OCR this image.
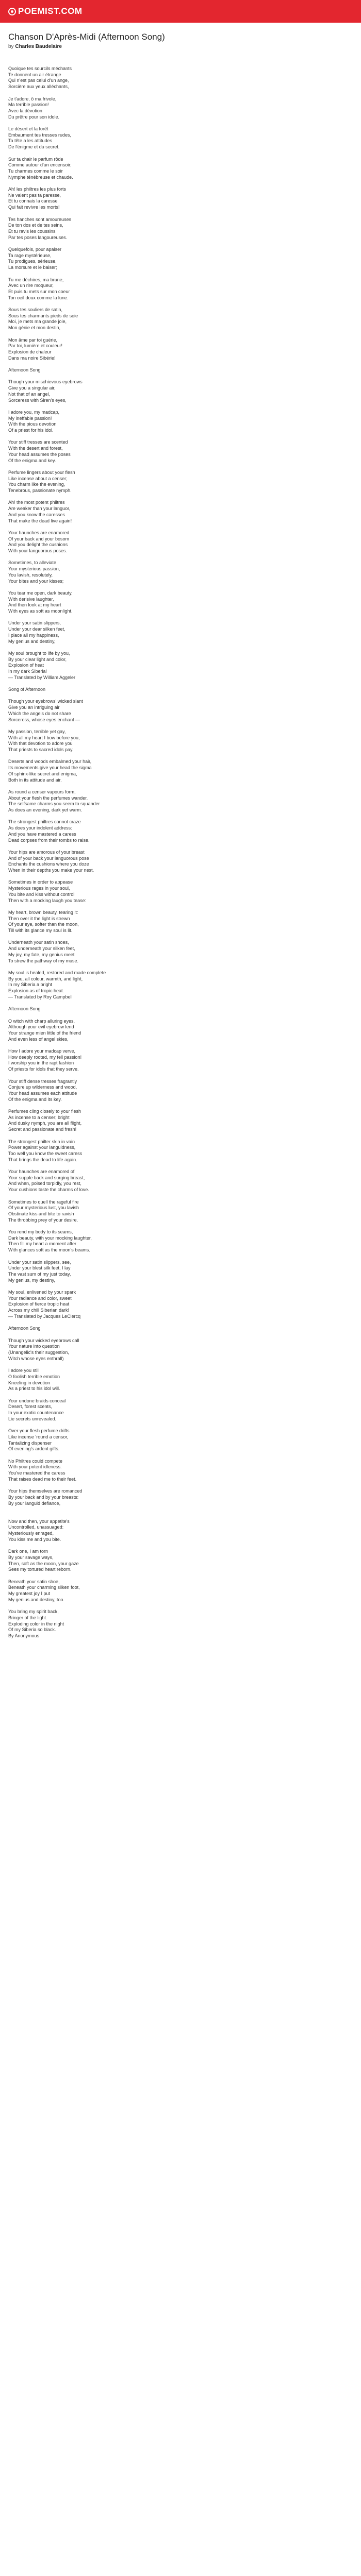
POEMIST.COM
Chanson D'Après-Midi (Afternoon Song)
by Charles Baudelaire
Quoique tes sourcils méchants
Te donnent un air étrange
Qui n'est pas celui d'un ange,
Sorcière aux yeux alléchants,
Je t'adore, ô ma frivole,
Ma terrible passion!
Avec la dévotion
Du prêtre pour son idole.
Le désert et la forêt
Embaument tes tresses rudes,
Ta tête a les attitudes
De l'énigme et du secret.
Sur ta chair le parfum rôde
Comme autour d'un encensoir;
Tu charmes comme le soir
Nymphe ténébreuse et chaude.
Ah! les philtres les plus forts
Ne valent pas ta paresse,
Et tu connais la caresse
Qui fait revivre les morts!
Tes hanches sont amoureuses
De ton dos et de tes seins,
Et tu ravis les coussins
Par tes poses langoureuses.
Quelquefois, pour apaiser
Ta rage mystérieuse,
Tu prodigues, sérieuse,
La morsure et le baiser;
Tu me déchires, ma brune,
Avec un rire moqueur,
Et puis tu mets sur mon coeur
Ton oeil doux comme la lune.
Sous tes souliers de satin,
Sous tes charmants pieds de soie
Moi, je mets ma grande joie,
Mon génie et mon destin,
Mon âme par toi guérie,
Par toi, lumière et couleur!
Explosion de chaleur
Dans ma noire Sibérie!
Afternoon Song
Though your mischievous eyebrows
Give you a singular air,
Not that of an angel,
Sorceress with Siren's eyes,
I adore you, my madcap,
My ineffable passion!
With the pious devotion
Of a priest for his idol.
Your stiff tresses are scented
With the desert and forest,
Your head assumes the poses
Of the enigma and key.
Perfume lingers about your flesh
Like incense about a censer;
You charm like the evening,
Tenebrous, passionate nymph.
Ah! the most potent philtres
Are weaker than your languor,
And you know the caresses
That make the dead live again!
Your haunches are enamored
Of your back and your bosom
And you delight the cushions
With your languorous poses.
Sometimes, to alleviate
Your mysterious passion,
You lavish, resolutely,
Your bites and your kisses;
You tear me open, dark beauty,
With derisive laughter,
And then look at my heart
With eyes as soft as moonlight.
Under your satin slippers,
Under your dear silken feet,
I place all my happiness,
My genius and destiny,
My soul brought to life by you,
By your clear light and color,
Explosion of heat
In my dark Siberia!
— Translated by William Aggeler
Song of Afternoon
Though your eyebrows' wicked slant
Give you an intriguing air
Which the angels do not share
Sorceress, whose eyes enchant —
My passion, terrible yet gay,
With all my heart I bow before you,
With that devotion to adore you
That priests to sacred idols pay.
Deserts and woods embalmed your hair,
Its movements give your head the sigma
Of sphinx-like secret and enigma,
Both in its attitude and air.
As round a censer vapours form,
About your flesh the perfumes wander.
The selfsame charms you seem to squander
As does an evening, dark yet warm.
The strongest philtres cannot craze
As does your indolent address:
And you have mastered a caress
Dead corpses from their tombs to raise.
Your hips are amorous of your breast
And of your back your languorous pose
Enchants the cushions where you doze
When in their depths you make your nest.
Sometimes in order to appease
Mysterious rages in your soul,
You bite and kiss without control
Then with a mocking laugh you tease:
My heart, brown beauty, tearing it:
Then over it the light is strewn
Of your eye, softer than the moon,
Till with its glance my soul is lit.
Underneath your satin shoes,
And underneath your silken feet,
My joy, my fate, my genius meet
To strew the pathway of my muse.
My soul is healed, restored and made complete
By you, all colour, warmth, and light,
In my Siberia a bright
Explosion as of tropic heat.
— Translated by Roy Campbell
Afternoon Song
O witch with charp alluring eyes,
Although your evil eyebrow lend
Your strange mien little of the friend
And even less of angel skies,
How I adore your madcap verve,
How deeply rooted, my fell passion!
I worship you in the rapt fashion
Of priests for idols that they serve.
Your stiff dense tresses fragrantly
Conjure up wilderness and wood,
Your head assumes each attitude
Of the enigma and its key.
Perfumes cling closely to your flesh
As incense to a censer; bright
And dusky nymph, you are all flight,
Secret and passionate and fresh!
The strongest philter skin in vain
Power against your languidness,
Too well you know the sweet caress
That brings the dead to life again.
Your haunches are enamored of
Your supple back and surging breast,
And when, poised torpidly, you rest,
Your cushions taste the charms of love.
Sometimes to quell the rageful fire
Of your mysterious lust, you lavish
Obstinate kiss and bite to ravish
The throbbing prey of your desire.
You rend my body to its seams,
Dark beauty, with your mocking laughter,
Then fill my heart a moment after
With glances soft as the moon's beams.
Under your satin slippers, see,
Under your blest silk feet, I lay
The vast sum of my just today,
My genius, my destiny,
My soul, enlivened by your spark
Your radiance and color, sweet
Explosion of fierce tropic heat
Across my chill Siberian dark!
— Translated by Jacques LeClercq
Afternoon Song
Though your wicked eyebrows call
Your nature into question
(Unangelic's their suggestion,
Witch whose eyes enthrall)
I adore you still
O foolish terrible emotion
Kneeling in devotion
As a priest to his idol will.
Your undone braids conceal
Desert, forest scents,
In your exotic countenance
Lie secrets unrevealed.
Over your flesh perfume drifts
Like incense 'round a censor,
Tantalizing dispenser
Of evening's ardent gifts.
No Philtres could compete
With your potent idleness:
You've mastered the caress
That raises dead me to their feet.
Your hips themselves are romanced
By your back and by your breasts:
By your languid defiance,

Now and then, your appetite's
Uncontrolled, unassuaged:
Mysteriously enraged,
You kiss me and you bite.
Dark one, I am torn
By your savage ways,
Then, soft as the moon, your gaze
Sees my tortured heart reborn.
Beneath your satin shoe,
Beneath your charming silken foot,
My greatest joy I put
My genius and destiny, too.
You bring my spirit back,
Bringer of the light.
Exploding color in the night
Of my Siberia so black.
By Anonymous
